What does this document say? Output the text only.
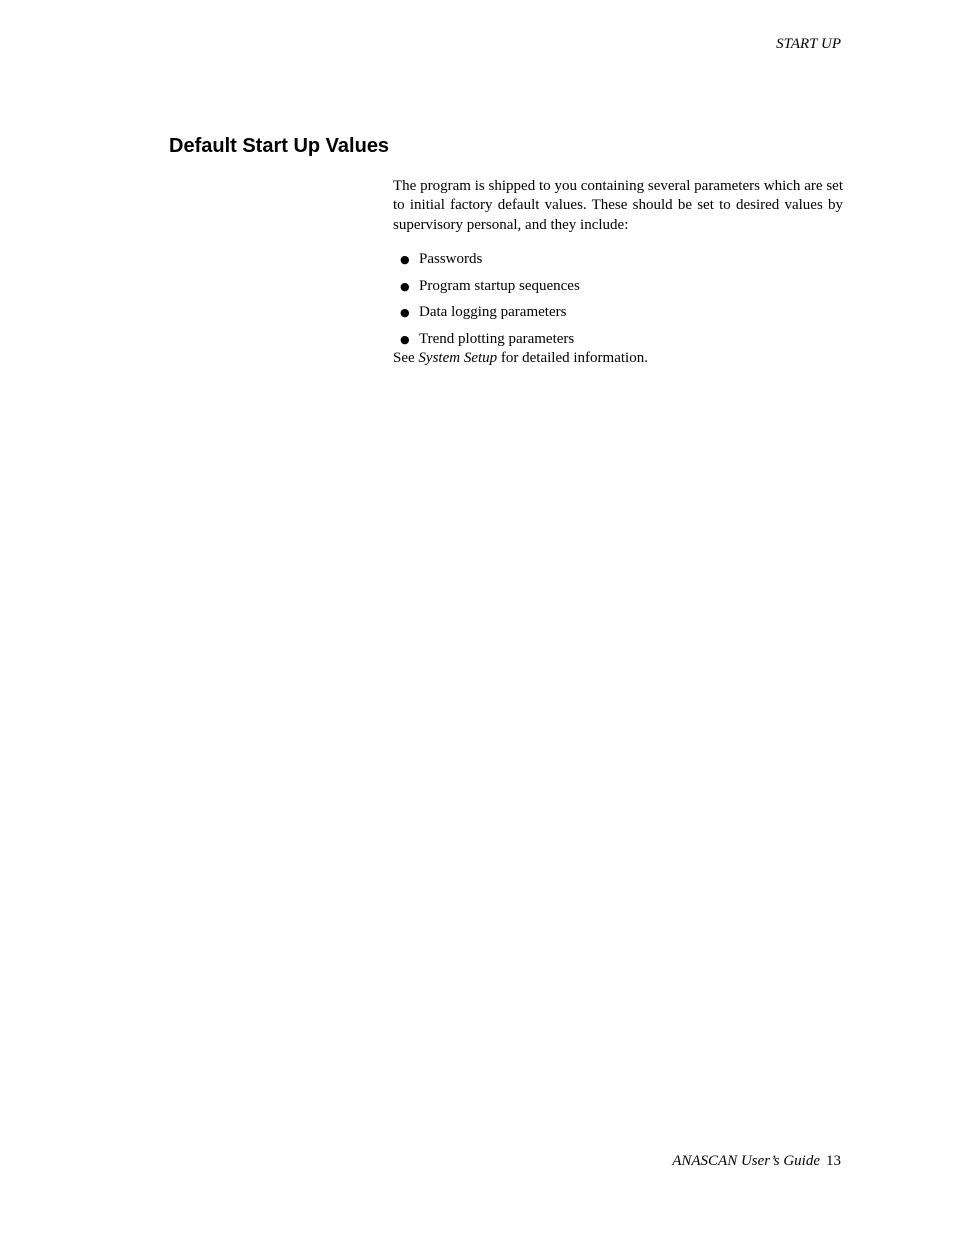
START UP
Default Start Up Values

The program is shipped to you containing several parameters which are set to initial factory default values. These should be set to desired values by supervisory personal, and they include:

● Passwords
● Program startup sequences
● Data logging parameters
● Trend plotting parameters

See System Setup for detailed information.

ANASCAN User’s Guide 13
